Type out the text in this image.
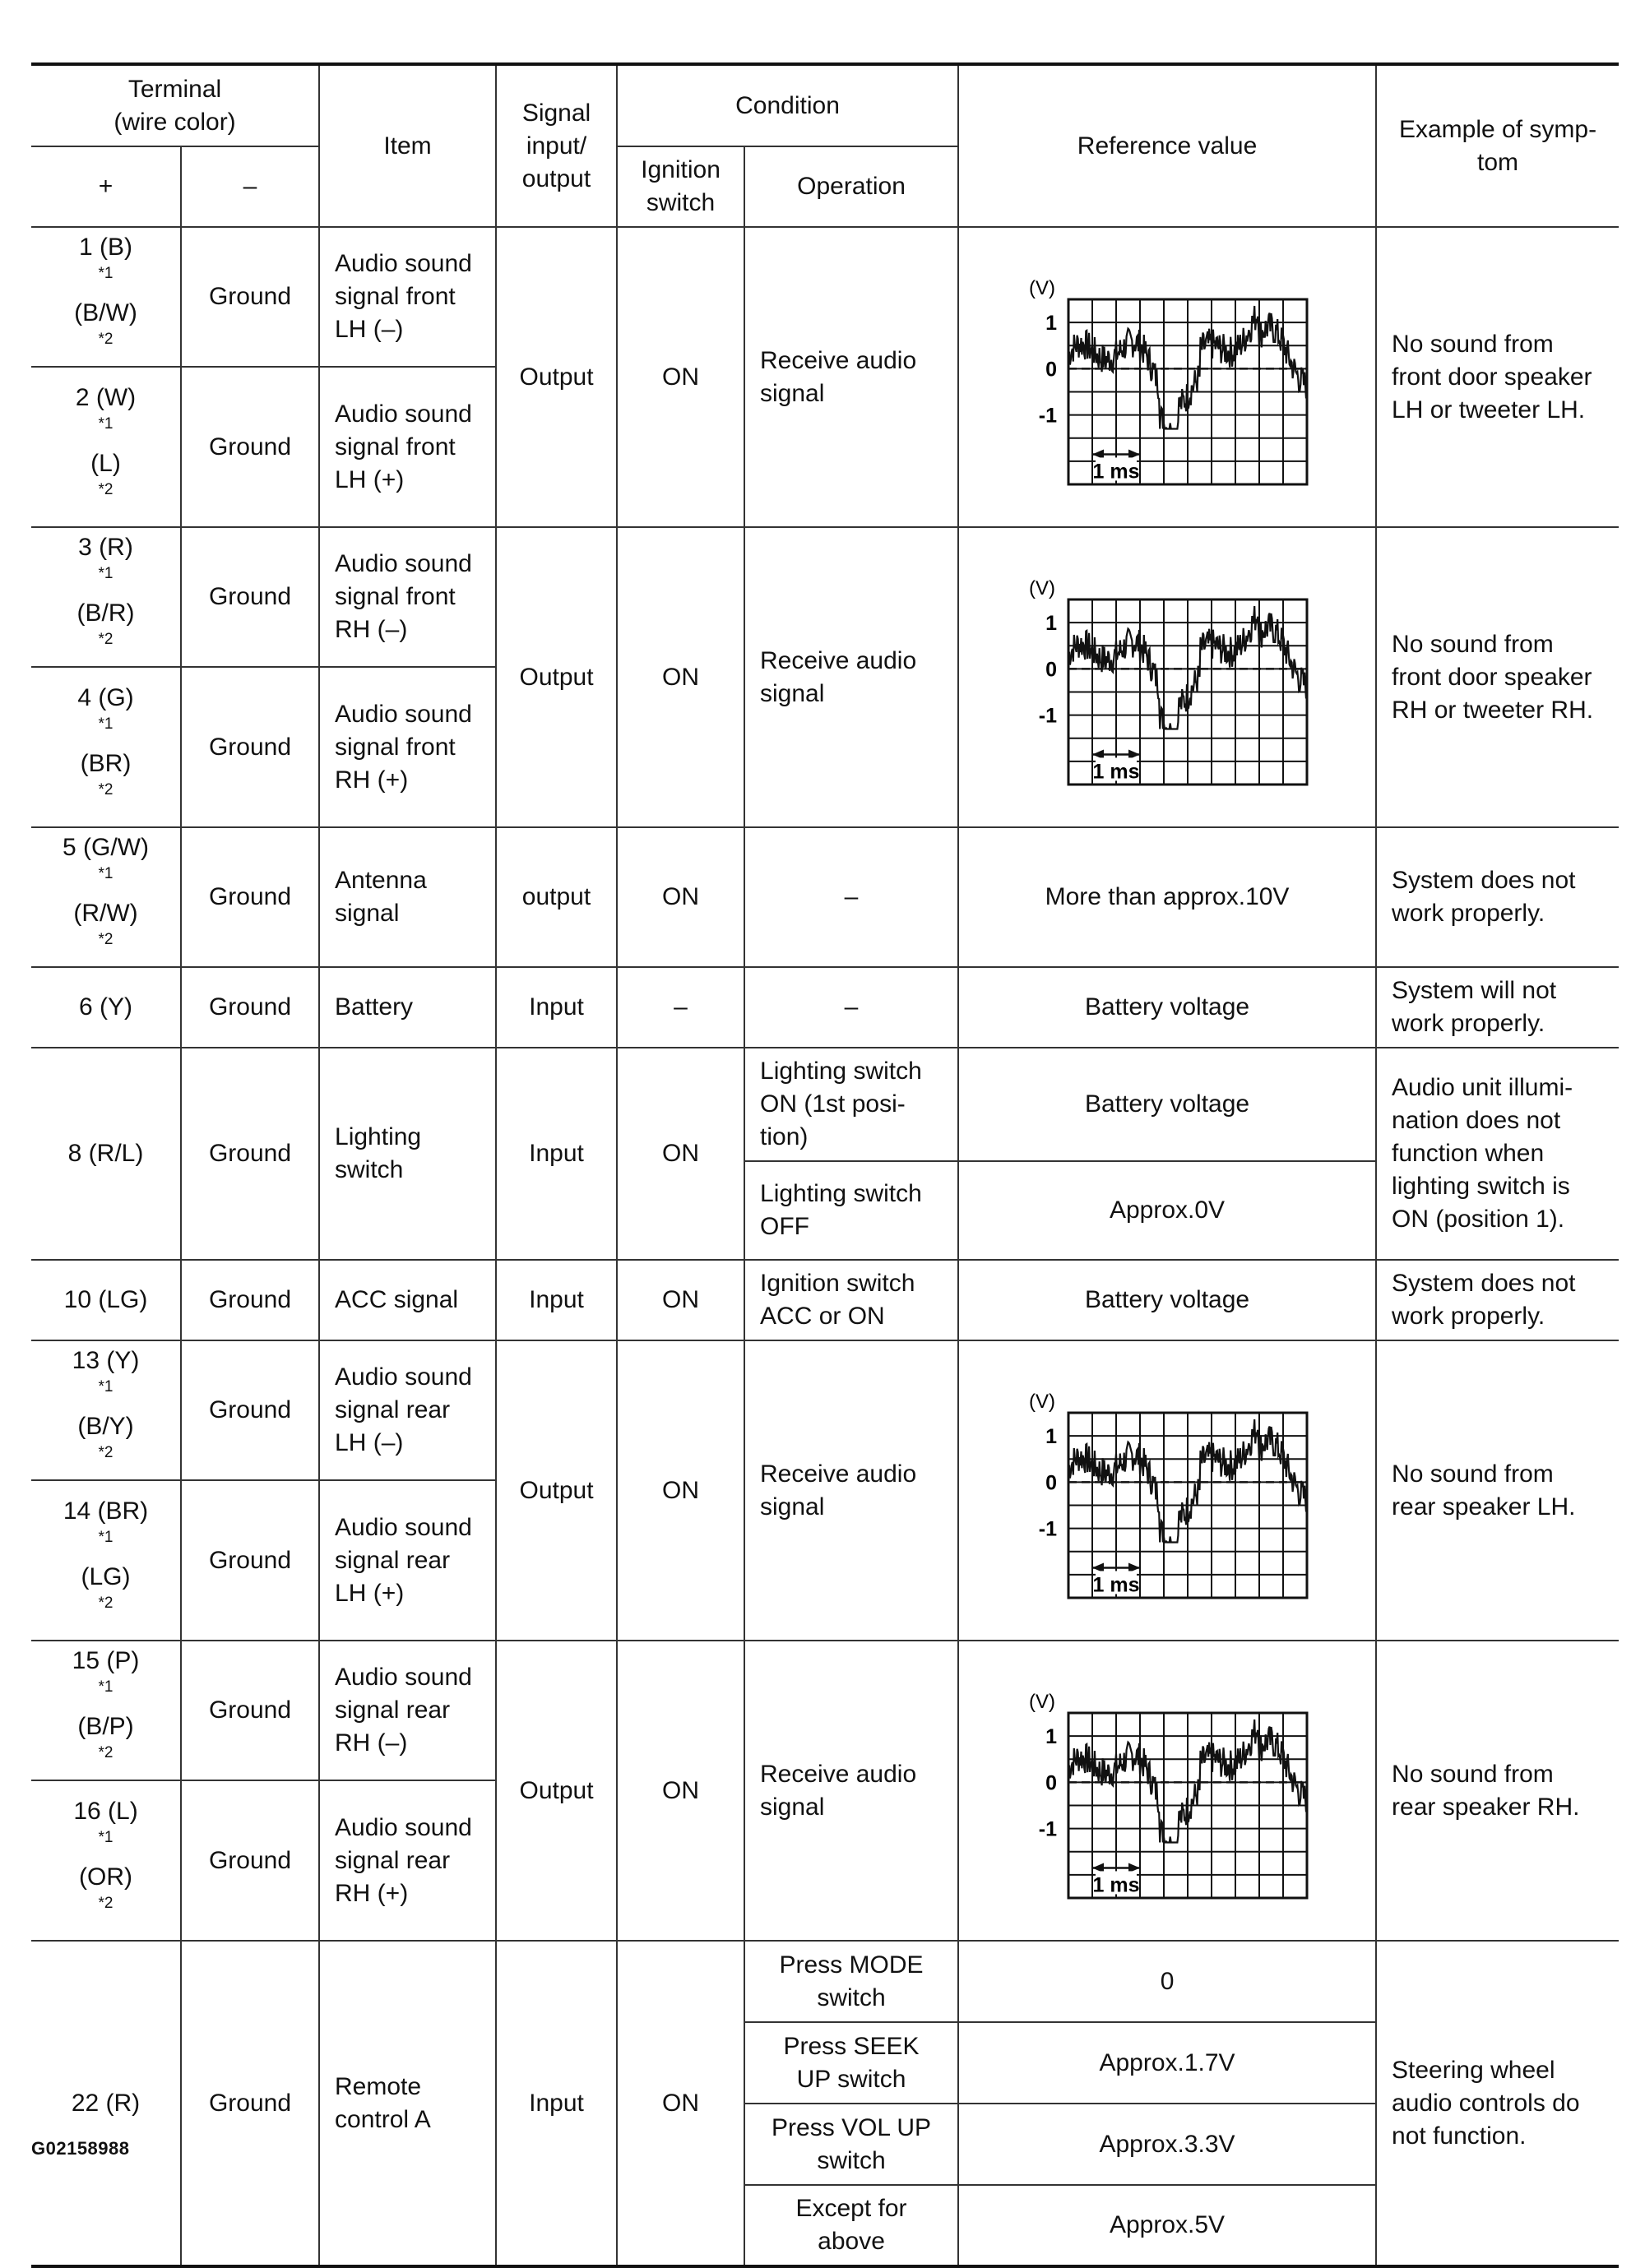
Terminal
(wire color)		Item	Signal
input/
output	Condition		Reference value	Example of symp-
tom
+	–			Ignition
switch	Operation		

1 (B)
$^{*1}$
(B/W)
$^{*2}$	Ground	Audio sound
signal front
LH (–)	Output	ON	Receive audio
signal	(V)
1
0
-1
1 ms	No sound from
front door speaker
LH or tweeter LH.

2 (W)
$^{*1}$
(L)
$^{*2}$	Ground	Audio sound
signal front
LH (+)					

3 (R)
$^{*1}$
(B/R)
$^{*2}$	Ground	Audio sound
signal front
RH (–)	Output	ON	Receive audio
signal	(V)
1
0
-1
1 ms	No sound from
front door speaker
RH or tweeter RH.

4 (G)
$^{*1}$
(BR)
$^{*2}$	Ground	Audio sound
signal front
RH (+)					

5 (G/W)
$^{*1}$
(R/W)
$^{*2}$	Ground	Antenna
signal	output	ON	–	More than approx.10V	System does not
work properly.
6 (Y)	Ground	Battery	Input	–	–	Battery voltage	System will not
work properly.
8 (R/L)	Ground	Lighting
switch	Input	ON	Lighting switch
ON (1st posi-
tion)	Battery voltage	Audio unit illumi-
nation does not
function when
lighting switch is
ON (position 1).
					Lighting switch
OFF	Approx.0V	
10 (LG)	Ground	ACC signal	Input	ON	Ignition switch
ACC or ON	Battery voltage	System does not
work properly.

13 (Y)
$^{*1}$
(B/Y)
$^{*2}$	Ground	Audio sound
signal rear
LH (–)	Output	ON	Receive audio
signal	(V)
1
0
-1
1 ms	No sound from
rear speaker LH.

14 (BR)
$^{*1}$
(LG)
$^{*2}$	Ground	Audio sound
signal rear
LH (+)					

15 (P)
$^{*1}$
(B/P)
$^{*2}$	Ground	Audio sound
signal rear
RH (–)	Output	ON	Receive audio
signal	(V)
1
0
-1
1 ms	No sound from
rear speaker RH.

16 (L)
$^{*1}$
(OR)
$^{*2}$	Ground	Audio sound
signal rear
RH (+)					
22 (R)	Ground	Remote
control A	Input	ON	Press MODE
switch	0	Steering wheel
audio controls do
not function.
					Press SEEK
UP switch	Approx.1.7V	
					Press VOL UP
switch	Approx.3.3V	
					Except for
above	Approx.5V	
G02158988
